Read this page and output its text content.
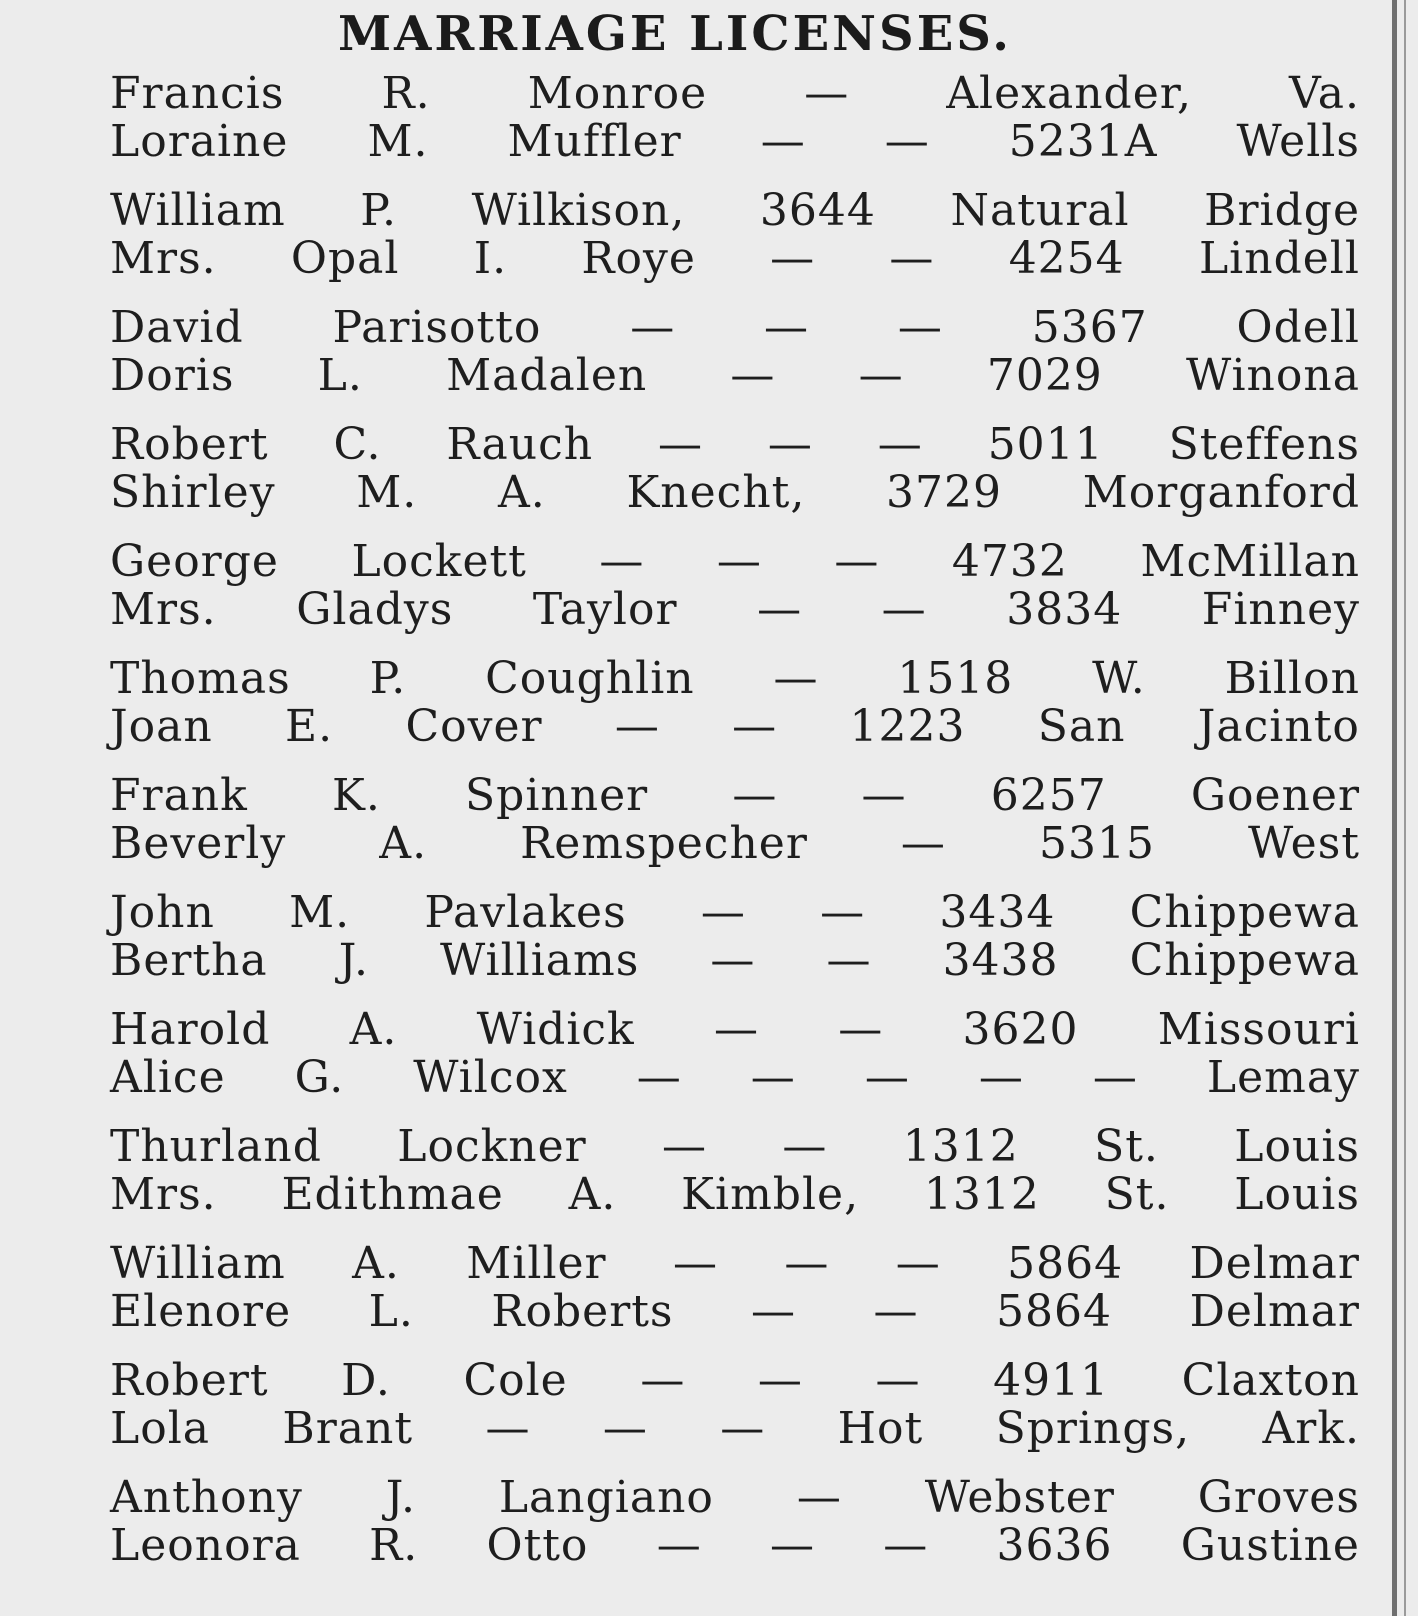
MARRIAGE LICENSES.
Francis R. Monroe — Alexander, Va.
Loraine M. Muffler — — 5231A Wells
William P. Wilkison, 3644 Natural Bridge
Mrs. Opal I. Roye — — 4254 Lindell
David Parisotto — — — 5367 Odell
Doris L. Madalen — — 7029 Winona
Robert C. Rauch — — — 5011 Steffens
Shirley M. A. Knecht, 3729 Morganford
George Lockett — — — 4732 McMillan
Mrs. Gladys Taylor — — 3834 Finney
Thomas P. Coughlin — 1518 W. Billon
Joan E. Cover — — 1223 San Jacinto
Frank K. Spinner — — 6257 Goener
Beverly A. Remspecher — 5315 West
John M. Pavlakes — — 3434 Chippewa
Bertha J. Williams — — 3438 Chippewa
Harold A. Widick — — 3620 Missouri
Alice G. Wilcox — — — — — Lemay
Thurland Lockner — — 1312 St. Louis
Mrs. Edithmae A. Kimble, 1312 St. Louis
William A. Miller — — — 5864 Delmar
Elenore L. Roberts — — 5864 Delmar
Robert D. Cole — — — 4911 Claxton
Lola Brant — — — Hot Springs, Ark.
Anthony J. Langiano — Webster Groves
Leonora R. Otto — — — 3636 Gustine
